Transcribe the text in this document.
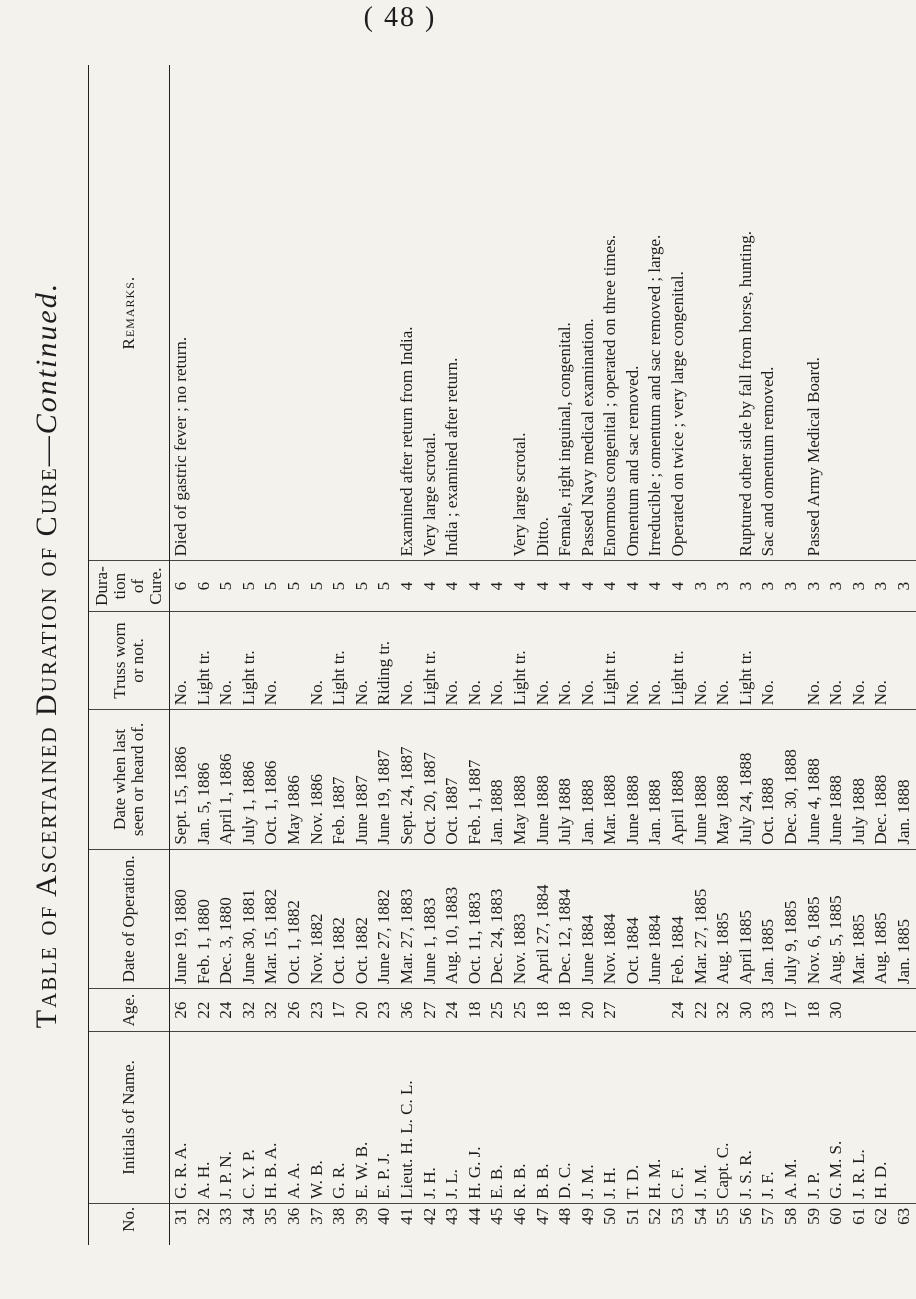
( 48 )
Table of Ascertained Duration of Cure—Continued.
No.	Initials of Name.	Age.	Date of Operation.	Date when last seen or heard of.	Truss worn or not.	Dura-tion of Cure.	Remarks.
31	G. R. A.	26	June 19, 1880	Sept. 15, 1886	No.	6	Died of gastric fever ; no return.
32	A. H.	22	Feb. 1, 1880	Jan. 5, 1886	Light tr.	6	
33	J. P. N.	24	Dec. 3, 1880	April 1, 1886	No.	5	
34	C. Y. P.	32	June 30, 1881	July 1, 1886	Light tr.	5	
35	H. B. A.	32	Mar. 15, 1882	Oct. 1, 1886	No.	5	
36	A. A.	26	Oct. 1, 1882	May 1886		5	
37	W. B.	23	Nov. 1882	Nov. 1886	No.	5	
38	G. R.	17	Oct. 1882	Feb. 1887	Light tr.	5	
39	E. W. B.	20	Oct. 1882	June 1887	No.	5	
40	E. P. J.	23	June 27, 1882	June 19, 1887	Riding tr.	5	
41	Lieut. H. L. C. L.	36	Mar. 27, 1883	Sept. 24, 1887	No.	4	Examined after return from India.
42	J. H.	27	June 1, 1883	Oct. 20, 1887	Light tr.	4	Very large scrotal.
43	J. L.	24	Aug. 10, 1883	Oct. 1887	No.	4	India ; examined after return.
44	H. G. J.	18	Oct. 11, 1883	Feb. 1, 1887	No.	4	
45	E. B.	25	Dec. 24, 1883	Jan. 1888	No.	4	
46	R. B.	25	Nov. 1883	May 1888	Light tr.	4	Very large scrotal.
47	B. B.	18	April 27, 1884	June 1888	No.	4	Ditto.
48	D. C.	18	Dec. 12, 1884	July 1888	No.	4	Female, right inguinal, congenital.
49	J. M.	20	June 1884	Jan. 1888	No.	4	Passed Navy medical examination.
50	J. H.	27	Nov. 1884	Mar. 1888	Light tr.	4	Enormous congenital ; operated on three times.
51	T. D.		Oct. 1884	June 1888	No.	4	Omentum and sac removed.
52	H. M.		June 1884	Jan. 1888	No.	4	Irreducible ; omentum and sac removed ; large.
53	C. F.	24	Feb. 1884	April 1888	Light tr.	4	Operated on twice ; very large congenital.
54	J. M.	22	Mar. 27, 1885	June 1888	No.	3	
55	Capt. C.	32	Aug. 1885	May 1888	No.	3	
56	J. S. R.	30	April 1885	July 24, 1888	Light tr.	3	Ruptured other side by fall from horse, hunting.
57	J. F.	33	Jan. 1885	Oct. 1888	No.	3	Sac and omentum removed.
58	A. M.	17	July 9, 1885	Dec. 30, 1888		3	
59	J. P.	18	Nov. 6, 1885	June 4, 1888	No.	3	Passed Army Medical Board.
60	G. M. S.	30	Aug. 5, 1885	June 1888	No.	3	
61	J. R. L.		Mar. 1885	July 1888	No.	3	
62	H. D.		Aug. 1885	Dec. 1888	No.	3	
63			Jan. 1885	Jan. 1888		3	
